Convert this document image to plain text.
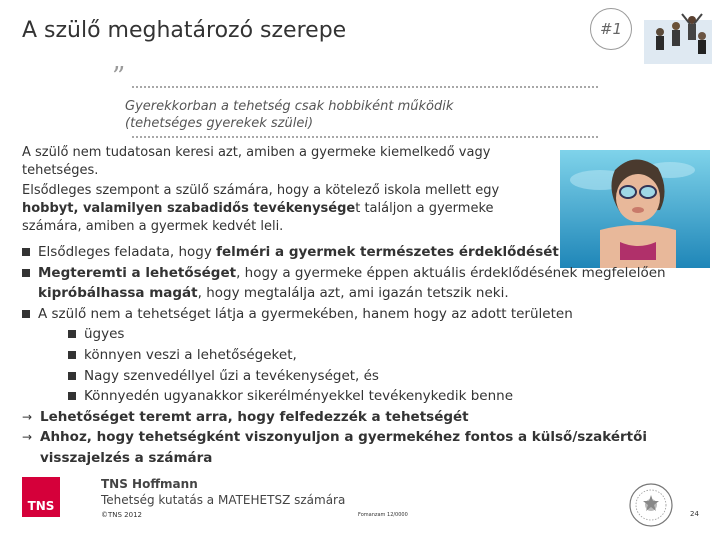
A szülő meghatározó szerepe	#1
”
Gyerekkorban a tehetség csak hobbiként működik
(tehetséges gyerekek szülei)
A szülő nem tudatosan keresi azt, amiben a gyermeke kiemelkedő vagy tehetséges.
Elsődleges szempont a szülő számára, hogy a kötelező iskola mellett egy hobbyt, valamilyen szabadidős tevékenységet találjon a gyermeke számára, amiben a gyermek kedvét leli.
Elsődleges feladata, hogy felméri a gyermek természetes érdeklődését
Megteremti a lehetőséget, hogy a gyermeke éppen aktuális érdeklődésének megfelelően kipróbálhassa magát, hogy megtalálja azt, ami igazán tetszik neki.
A szülő nem a tehetséget látja a gyermekében, hanem hogy az adott területen
ügyes
könnyen veszi a lehetőségeket,
Nagy szenvedéllyel űzi a tevékenységet, és
Könnyedén ugyanakkor sikerélményekkel tevékenykedik benne
→ Lehetőséget teremt arra, hogy felfedezzék a tehetségét
→ Ahhoz, hogy tehetségként viszonyuljon a gyermekéhez fontos a külső/szakértői visszajelzés a számára
TNS
TNS Hoffmann
Tehetség kutatás a MATEHETSZ számára
©TNS 2012	Fomanzam 12/0000	24
